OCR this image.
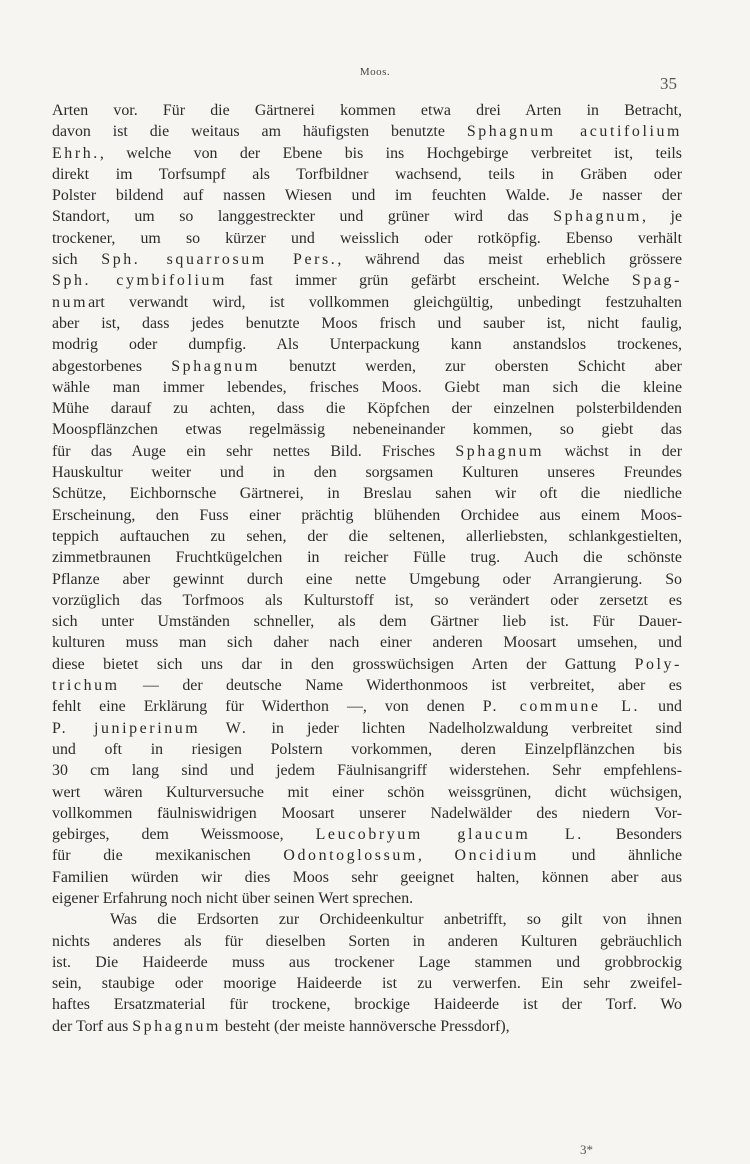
Moos.
35
Arten vor. Für die Gärtnerei kommen etwa drei Arten in Betracht,
davon ist die weitaus am häufigsten benutzte Sphagnum acutifolium
Ehrh., welche von der Ebene bis ins Hochgebirge verbreitet ist, teils
direkt im Torfsumpf als Torfbildner wachsend, teils in Gräben oder
Polster bildend auf nassen Wiesen und im feuchten Walde. Je nasser der
Standort, um so langgestreckter und grüner wird das Sphagnum, je
trockener, um so kürzer und weisslich oder rotköpfig. Ebenso verhält
sich Sph. squarrosum Pers., während das meist erheblich grössere
Sph. cymbifolium fast immer grün gefärbt erscheint. Welche Spag-
numart verwandt wird, ist vollkommen gleichgültig, unbedingt festzuhalten
aber ist, dass jedes benutzte Moos frisch und sauber ist, nicht faulig,
modrig oder dumpfig. Als Unterpackung kann anstandslos trockenes,
abgestorbenes Sphagnum benutzt werden, zur obersten Schicht aber
wähle man immer lebendes, frisches Moos. Giebt man sich die kleine
Mühe darauf zu achten, dass die Köpfchen der einzelnen polsterbildenden
Moospflänzchen etwas regelmässig nebeneinander kommen, so giebt das
für das Auge ein sehr nettes Bild. Frisches Sphagnum wächst in der
Hauskultur weiter und in den sorgsamen Kulturen unseres Freundes
Schütze, Eichbornsche Gärtnerei, in Breslau sahen wir oft die niedliche
Erscheinung, den Fuss einer prächtig blühenden Orchidee aus einem Moos-
teppich auftauchen zu sehen, der die seltenen, allerliebsten, schlankgestielten,
zimmetbraunen Fruchtkügelchen in reicher Fülle trug. Auch die schönste
Pflanze aber gewinnt durch eine nette Umgebung oder Arrangierung. So
vorzüglich das Torfmoos als Kulturstoff ist, so verändert oder zersetzt es
sich unter Umständen schneller, als dem Gärtner lieb ist. Für Dauer-
kulturen muss man sich daher nach einer anderen Moosart umsehen, und
diese bietet sich uns dar in den grosswüchsigen Arten der Gattung Poly-
trichum — der deutsche Name Widerthonmoos ist verbreitet, aber es
fehlt eine Erklärung für Widerthon —, von denen P. commune L. und
P. juniperinum W. in jeder lichten Nadelholzwaldung verbreitet sind
und oft in riesigen Polstern vorkommen, deren Einzelpflänzchen bis
30 cm lang sind und jedem Fäulnisangriff widerstehen. Sehr empfehlens-
wert wären Kulturversuche mit einer schön weissgrünen, dicht wüchsigen,
vollkommen fäulniswidrigen Moosart unserer Nadelwälder des niedern Vor-
gebirges, dem Weissmoose, Leucobryum glaucum L. Besonders
für die mexikanischen Odontoglossum, Oncidium und ähnliche
Familien würden wir dies Moos sehr geeignet halten, können aber aus
eigener Erfahrung noch nicht über seinen Wert sprechen.
Was die Erdsorten zur Orchideenkultur anbetrifft, so gilt von ihnen
nichts anderes als für dieselben Sorten in anderen Kulturen gebräuchlich
ist. Die Haideerde muss aus trockener Lage stammen und grobbrockig
sein, staubige oder moorige Haideerde ist zu verwerfen. Ein sehr zweifel-
haftes Ersatzmaterial für trockene, brockige Haideerde ist der Torf. Wo
der Torf aus Sphagnum besteht (der meiste hannöversche Pressdorf),
3*
